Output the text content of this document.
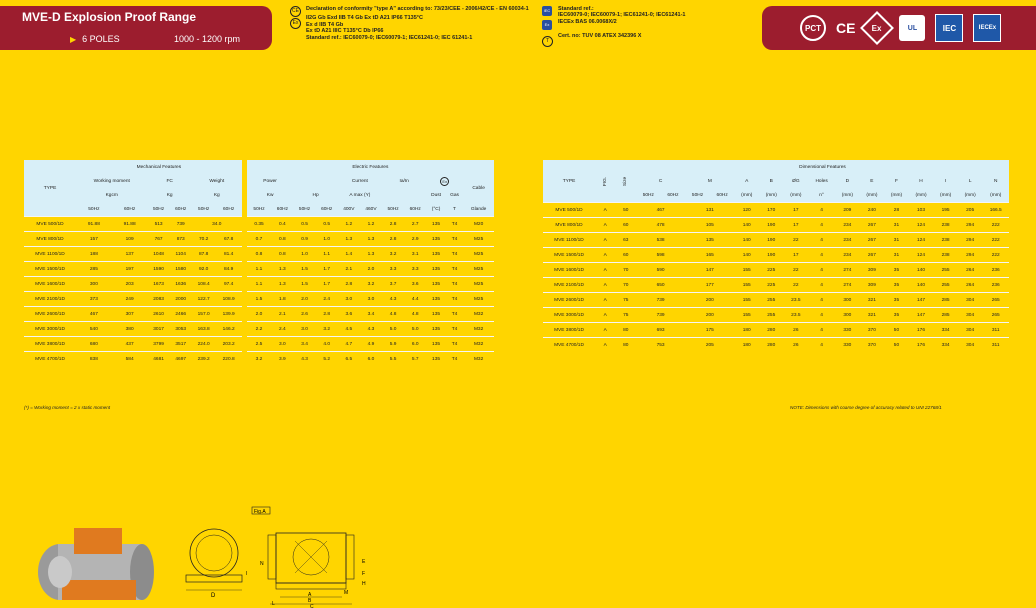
MVE-D Explosion Proof Range
▶ 6 POLES	1000 - 1200 rpm
CE
Ex
Declaration of conformity "type A" according to: 73/23/CEE - 2006/42/CE - EN 60034-1
II2G Gb Exd IIB T4 Gb Ex tD A21 IP66 T135°C
Ex d IIB T4 Gb
Ex tD A21 IIIC T135°C Db IP66
Standard ref.: IEC60079-0; IEC60079-1; IEC61241-0; IEC 61241-1
IEC
Ex
T
Standard ref.:
IEC60079-0; IEC60079-1; IEC61241-0; IEC61241-1
IECEx BAS 06.0068X/2
Cert. no: TUV 08 ATEX 342396 X
PCT	CE Ex	UL	IEC	IECEx
TYPE	Mechanical Features						Electric Features										
	Working moment		FC		Weight		Power				Current		Ia/In		Ex		Cable
	Kgcm		Kg		Kg		Kw		Hp		A max (Y)				Dust	Gas	
	50Hz	60Hz	50Hz	60Hz	50Hz	60Hz	50Hz	60Hz	50Hz	60Hz	400V	460V	50Hz	60Hz	(°C)	T	Glande
MVE 500/1D	91.88	91.88	513	739	34.0		0.35	0.4	0.5	0.5	1.2	1.2	2.8	2.7	135	T4	M20
MVE 800/1D	157	109	767	873	70.2	67.8	0.7	0.8	0.9	1.0	1.3	1.3	2.8	2.9	135	T4	M25
MVE 1100/1D	188	137	1048	1104	87.8	81.4	0.8	0.8	1.0	1.1	1.4	1.3	3.2	3.1	135	T4	M25
MVE 1500/1D	285	197	1590	1580	92.0	84.9	1.1	1.3	1.5	1.7	2.1	2.0	3.3	3.3	135	T4	M25
MVE 1600/1D	300	203	1673	1636	108.4	97.4	1.1	1.3	1.5	1.7	2.8	3.2	3.7	3.6	135	T4	M25
MVE 2100/1D	373	249	2083	2000	122.7	108.9	1.5	1.8	2.0	2.4	3.0	3.0	4.3	4.4	135	T4	M25
MVE 2600/1D	467	307	2610	2466	157.0	139.9	2.0	2.1	2.6	2.8	3.6	3.4	4.8	4.8	135	T4	M32
MVE 3000/1D	540	380	3017	3053	163.8	146.2	2.2	2.4	3.0	3.2	4.5	4.3	5.0	5.0	135	T4	M32
MVE 3800/1D	680	437	3799	3517	224.0	203.2	2.5	3.0	3.4	4.0	4.7	4.9	5.9	6.0	135	T4	M32
MVE 4700/1D	838	584	4681	4697	239.2	220.8	3.2	3.9	4.3	5.2	6.5	6.0	5.5	5.7	135	T4	M32
(*) = Working moment = 2 x static moment
TYPE	FIG.	Size	Dimensional Features														
			C		M		A	B	ØG	Holes	D	E	F	H	I	L	N
			50Hz	60Hz	50Hz	60Hz	(mm)	(mm)	(mm)	n°	(mm)	(mm)	(mm)	(mm)	(mm)	(mm)	(mm)
MVE 500/1D	A	50	467		131		120	170	17	4	209	240	28	103	195	205	166.5
MVE 800/1D	A	60	478		105		140	190	17	4	234	267	31	124	238	294	222
MVE 1100/1D	A	63	538		135		140	190	22	4	234	267	31	124	238	294	222
MVE 1500/1D	A	60	598		165		140	190	17	4	234	267	31	124	238	294	222
MVE 1600/1D	A	70	590		147		155	225	22	4	274	309	35	140	255	264	236
MVE 2100/1D	A	70	650		177		155	225	22	4	274	309	35	140	255	264	236
MVE 2600/1D	A	75	739		200		155	255	23.5	4	300	321	35	147	285	304	265
MVE 3000/1D	A	75	739		200		155	255	23.5	4	300	321	35	147	285	304	265
MVE 3800/1D	A	80	693		175		180	280	26	4	330	370	50	176	334	304	311
MVE 4700/1D	A	80	753		205		180	280	26	4	330	370	50	176	334	304	311
NOTE: Dimensions with coarse degree of accuracy related to UNI 22768/1
Fig.A
D
I
A
B
C
M
E
F
H
N
L
